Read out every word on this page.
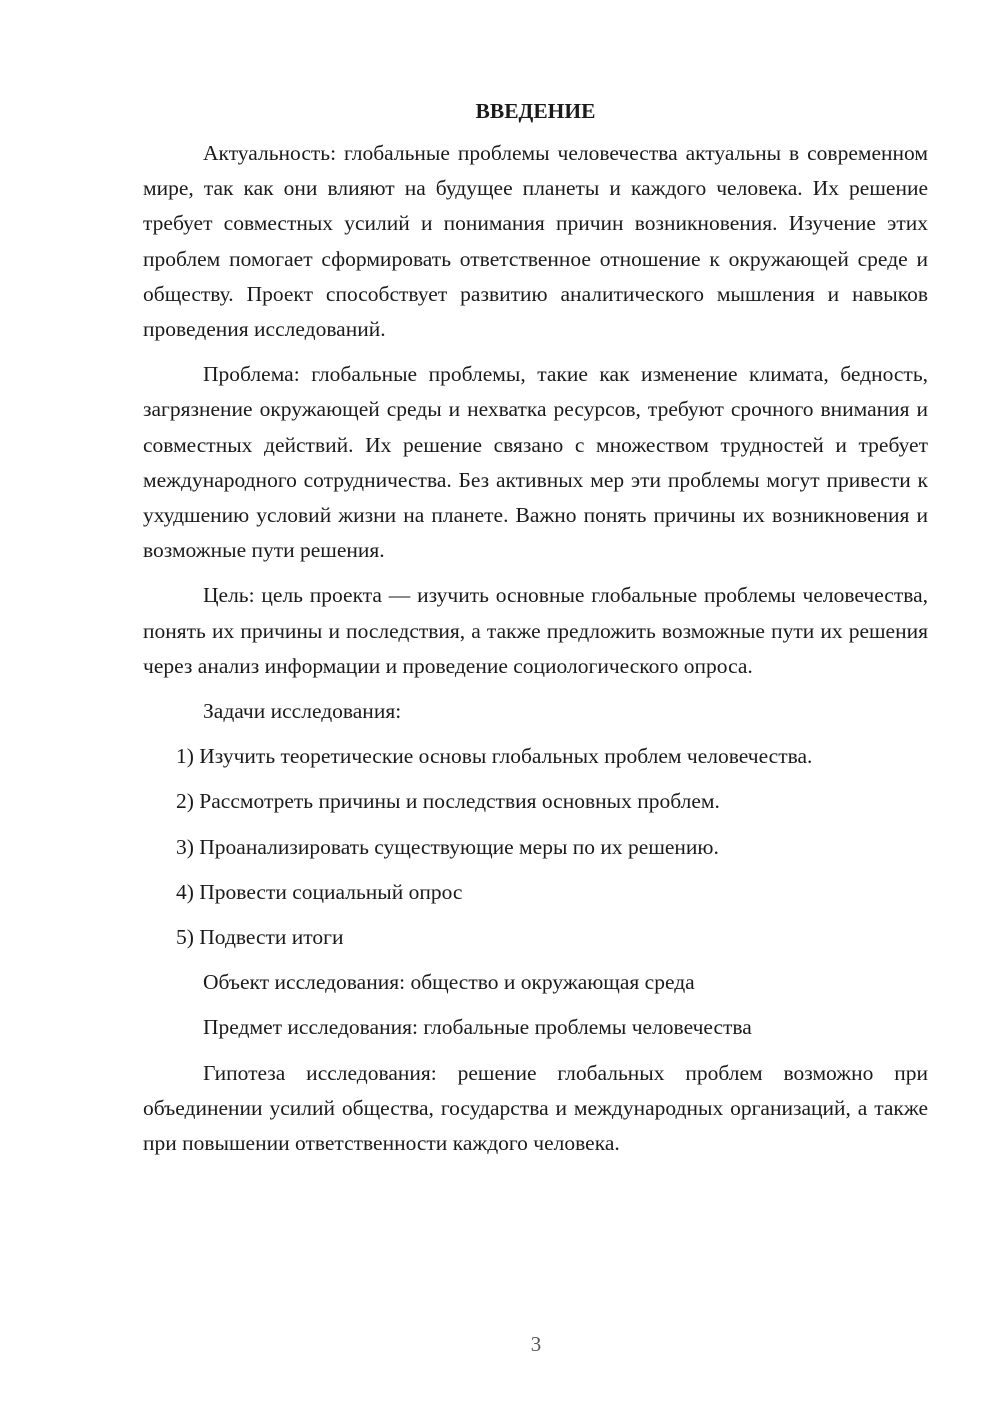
ВВЕДЕНИЕ

Актуальность: глобальные проблемы человечества актуальны в современном мире, так как они влияют на будущее планеты и каждого человека. Их решение требует совместных усилий и понимания причин возникновения. Изучение этих проблем помогает сформировать ответственное отношение к окружающей среде и обществу. Проект способствует развитию аналитического мышления и навыков проведения исследований.

Проблема: глобальные проблемы, такие как изменение климата, бедность, загрязнение окружающей среды и нехватка ресурсов, требуют срочного внимания и совместных действий. Их решение связано с множеством трудностей и требует международного сотрудничества. Без активных мер эти проблемы могут привести к ухудшению условий жизни на планете. Важно понять причины их возникновения и возможные пути решения.

Цель: цель проекта — изучить основные глобальные проблемы человечества, понять их причины и последствия, а также предложить возможные пути их решения через анализ информации и проведение социологического опроса.

Задачи исследования:

1) Изучить теоретические основы глобальных проблем человечества.
2) Рассмотреть причины и последствия основных проблем.
3) Проанализировать существующие меры по их решению.
4) Провести социальный опрос
5) Подвести итоги

Объект исследования: общество и окружающая среда

Предмет исследования: глобальные проблемы человечества

Гипотеза исследования: решение глобальных проблем возможно при объединении усилий общества, государства и международных организаций, а также при повышении ответственности каждого человека.

3
